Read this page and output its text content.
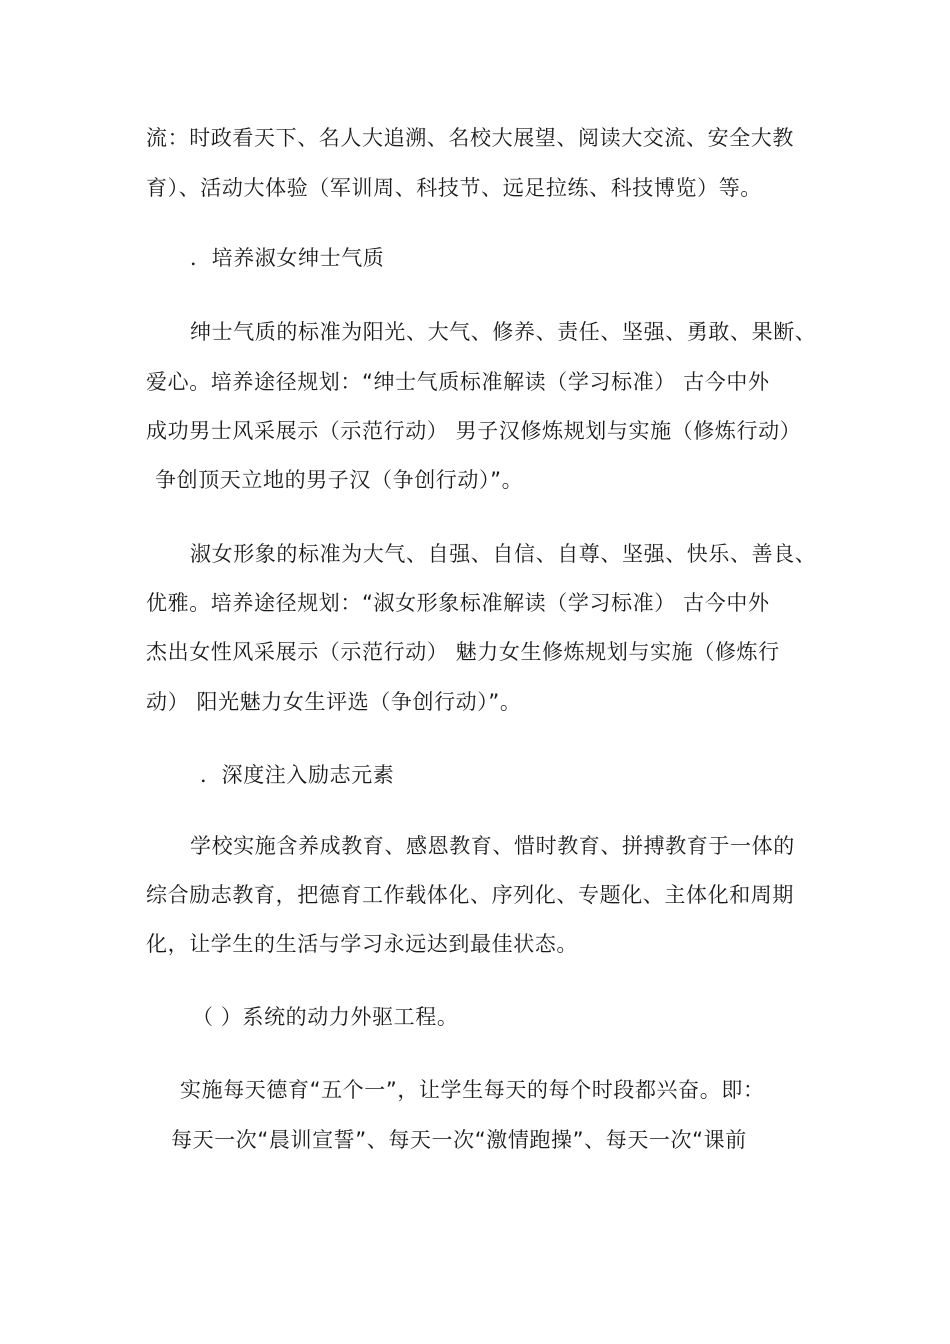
流：时政看天下、名人大追溯、名校大展望、阅读大交流、安全大教
育）、活动大体验（军训周、科技节、远足拉练、科技博览）等。
．培养淑女绅士气质
绅士气质的标准为阳光、大气、修养、责任、坚强、勇敢、果断、
爱心。培养途径规划：“绅士气质标准解读（学习标准） 古今中外
成功男士风采展示（示范行动） 男子汉修炼规划与实施（修炼行动）
争创顶天立地的男子汉（争创行动）”。
淑女形象的标准为大气、自强、自信、自尊、坚强、快乐、善良、
优雅。培养途径规划：“淑女形象标准解读（学习标准） 古今中外
杰出女性风采展示（示范行动） 魅力女生修炼规划与实施（修炼行
动） 阳光魅力女生评选（争创行动）”。
．深度注入励志元素
学校实施含养成教育、感恩教育、惜时教育、拼搏教育于一体的
综合励志教育，把德育工作载体化、序列化、专题化、主体化和周期
化，让学生的生活与学习永远达到最佳状态。
（ ）系统的动力外驱工程。
实施每天德育“五个一”，让学生每天的每个时段都兴奋。即：
每天一次“晨训宣誓”、每天一次“激情跑操”、每天一次“课前
